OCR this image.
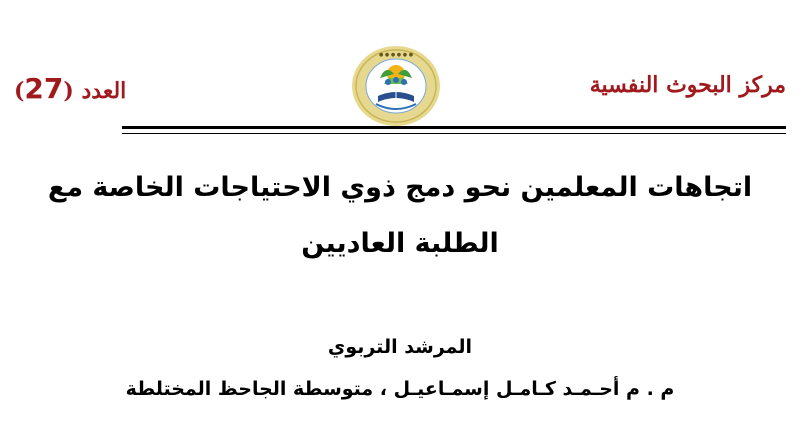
مركز البحوث النفسية
العدد (27)
● ● ● ● ● ●
اتجاهات المعلمين نحو دمج ذوي الاحتياجات الخاصة مع الطلبة العاديين
المرشد التربوي
م . م أحـمـد كـامـل إسمـاعيـل ، متوسطة الجاحظ المختلطة
